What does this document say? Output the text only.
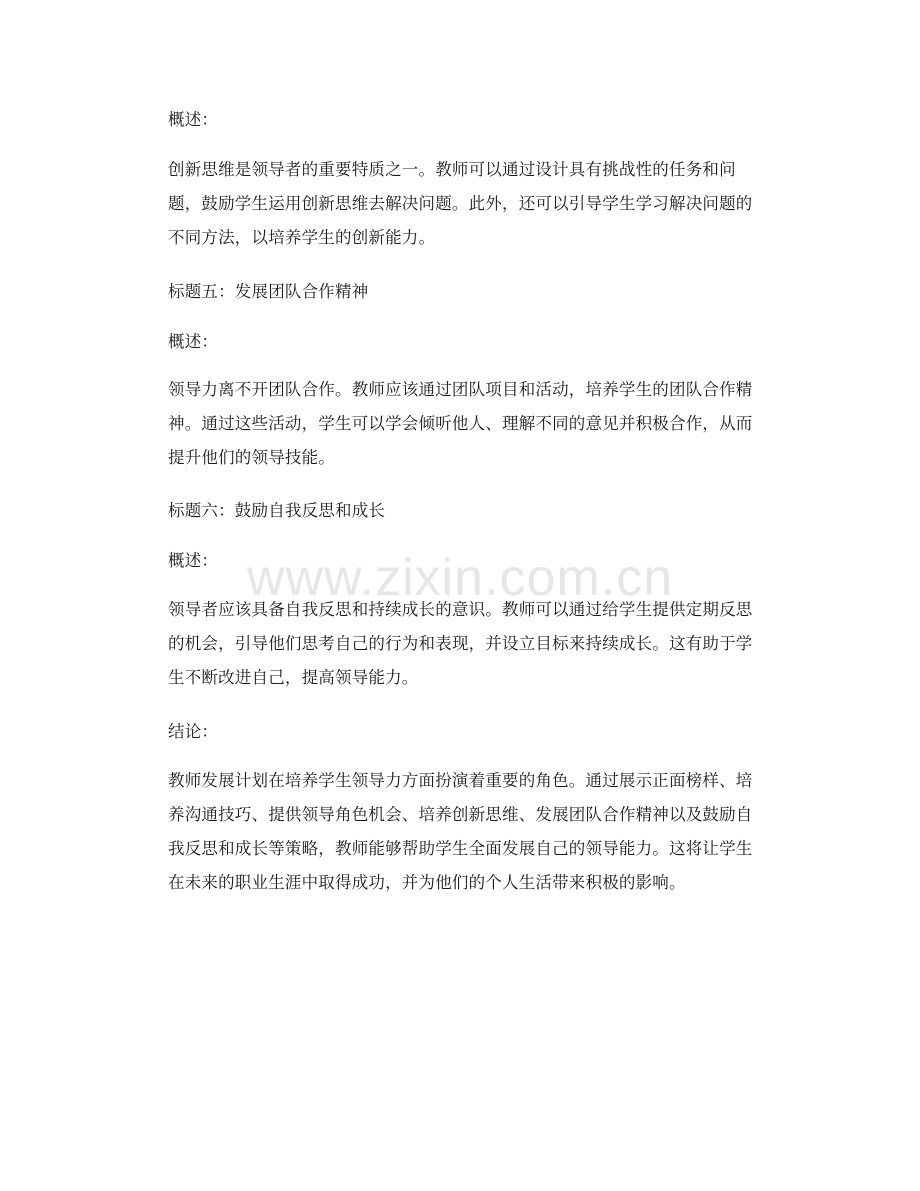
概述：

创新思维是领导者的重要特质之一。教师可以通过设计具有挑战性的任务和问题，鼓励学生运用创新思维去解决问题。此外，还可以引导学生学习解决问题的不同方法，以培养学生的创新能力。

标题五：发展团队合作精神

概述：

领导力离不开团队合作。教师应该通过团队项目和活动，培养学生的团队合作精神。通过这些活动，学生可以学会倾听他人、理解不同的意见并积极合作，从而提升他们的领导技能。

标题六：鼓励自我反思和成长

概述：

领导者应该具备自我反思和持续成长的意识。教师可以通过给学生提供定期反思的机会，引导他们思考自己的行为和表现，并设立目标来持续成长。这有助于学生不断改进自己，提高领导能力。

结论：

教师发展计划在培养学生领导力方面扮演着重要的角色。通过展示正面榜样、培养沟通技巧、提供领导角色机会、培养创新思维、发展团队合作精神以及鼓励自我反思和成长等策略，教师能够帮助学生全面发展自己的领导能力。这将让学生在未来的职业生涯中取得成功，并为他们的个人生活带来积极的影响。

www.zixin.com.cn
